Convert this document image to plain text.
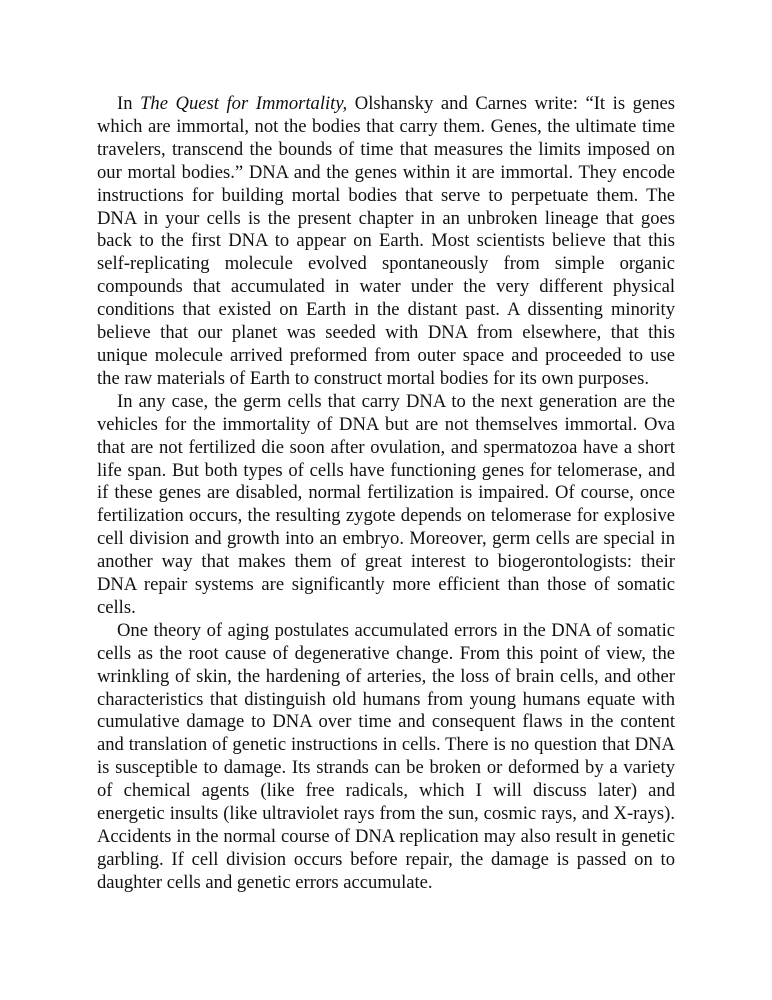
In The Quest for Immortality, Olshansky and Carnes write: “It is genes which are immortal, not the bodies that carry them. Genes, the ultimate time travelers, transcend the bounds of time that measures the limits imposed on our mortal bodies.” DNA and the genes within it are immortal. They encode instructions for building mortal bodies that serve to perpetuate them. The DNA in your cells is the present chapter in an unbroken lineage that goes back to the first DNA to appear on Earth. Most scientists believe that this self-replicating molecule evolved spontaneously from simple organic compounds that accumulated in water under the very different physical conditions that existed on Earth in the distant past. A dissenting minority believe that our planet was seeded with DNA from elsewhere, that this unique molecule arrived preformed from outer space and proceeded to use the raw materials of Earth to construct mortal bodies for its own purposes.

In any case, the germ cells that carry DNA to the next generation are the vehicles for the immortality of DNA but are not themselves immortal. Ova that are not fertilized die soon after ovulation, and spermatozoa have a short life span. But both types of cells have functioning genes for telomerase, and if these genes are disabled, normal fertilization is impaired. Of course, once fertilization occurs, the resulting zygote depends on telomerase for explosive cell division and growth into an embryo. Moreover, germ cells are special in another way that makes them of great interest to biogerontologists: their DNA repair systems are significantly more efficient than those of somatic cells.

One theory of aging postulates accumulated errors in the DNA of somatic cells as the root cause of degenerative change. From this point of view, the wrinkling of skin, the hardening of arteries, the loss of brain cells, and other characteristics that distinguish old humans from young humans equate with cumulative damage to DNA over time and consequent flaws in the content and translation of genetic instructions in cells. There is no question that DNA is susceptible to damage. Its strands can be broken or deformed by a variety of chemical agents (like free radicals, which I will discuss later) and energetic insults (like ultraviolet rays from the sun, cosmic rays, and X-rays). Accidents in the normal course of DNA replication may also result in genetic garbling. If cell division occurs before repair, the damage is passed on to daughter cells and genetic errors accumulate.
